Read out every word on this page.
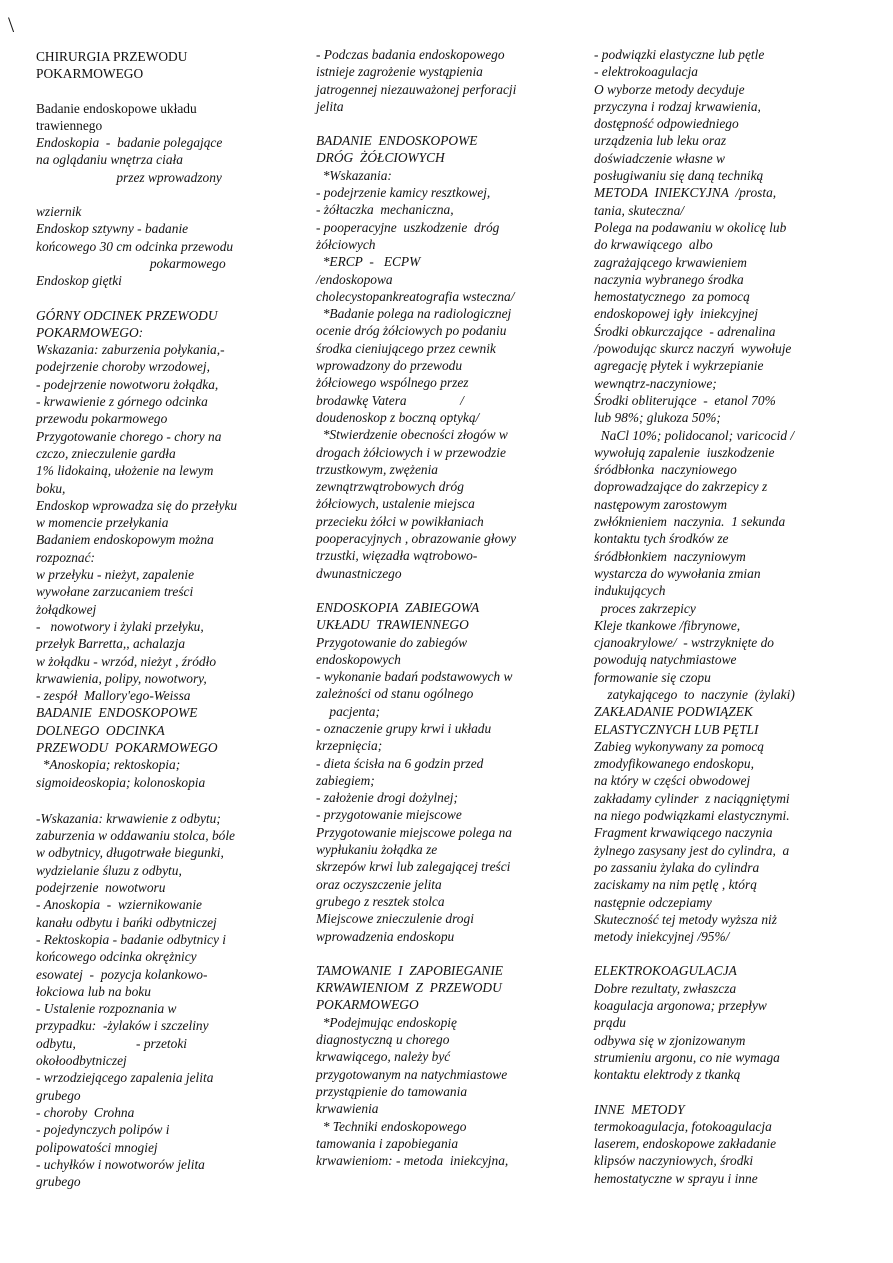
\
CHIRURGIA PRZEWODU
POKARMOWEGO
Badanie endoskopowe układu
trawiennego
Endoskopia  -  badanie polegające
na oglądaniu wnętrza ciała
przez wprowadzony
wziernik
Endoskop sztywny - badanie
końcowego 30 cm odcinka przewodu
pokarmowego
Endoskop giętki
GÓRNY ODCINEK PRZEWODU
POKARMOWEGO:
Wskazania: zaburzenia połykania,-
podejrzenie choroby wrzodowej,
- podejrzenie nowotworu żołądka,
- krwawienie z górnego odcinka
przewodu pokarmowego
Przygotowanie chorego - chory na
czczo, znieczulenie gardła
1% lidokainą, ułożenie na lewym
boku,
Endoskop wprowadza się do przełyku
w momencie przełykania
Badaniem endoskopowym można
rozpoznać:
w przełyku - nieżyt, zapalenie
wywołane zarzucaniem treści
żołądkowej
-   nowotwory i żylaki przełyku,
przełyk Barretta,, achalazja
w żołądku - wrzód, nieżyt , źródło
krwawienia, polipy, nowotwory,
- zespół  Mallory'ego-Weissa
BADANIE  ENDOSKOPOWE
DOLNEGO  ODCINKA
PRZEWODU  POKARMOWEGO
*Anoskopia; rektoskopia;
sigmoideoskopia; kolonoskopia
-Wskazania: krwawienie z odbytu;
zaburzenia w oddawaniu stolca, bóle
w odbytnicy, długotrwałe biegunki,
wydzielanie śluzu z odbytu,
podejrzenie  nowotworu
- Anoskopia  -  wziernikowanie
kanału odbytu i bańki odbytniczej
- Rektoskopia - badanie odbytnicy i
końcowego odcinka okrężnicy
esowatej  -  pozycja kolankowo-
łokciowa lub na boku
- Ustalenie rozpoznania w
przypadku:  -żylaków i szczeliny
odbytu,                  - przetoki
okołoodbytniczej
- wrzodziejącego zapalenia jelita
grubego
- choroby  Crohna
- pojedynczych polipów i
polipowatości mnogiej
- uchyłków i nowotworów jelita
grubego
- Podczas badania endoskopowego
istnieje zagrożenie wystąpienia
jatrogennej niezauważonej perforacji
jelita
BADANIE  ENDOSKOPOWE
DRÓG  ŻÓŁCIOWYCH
*Wskazania:
- podejrzenie kamicy resztkowej,
- żółtaczka  mechaniczna,
- pooperacyjne  uszkodzenie  dróg
żółciowych
*ERCP  -   ECPW
/endoskopowa
cholecystopankreatografia wsteczna/
*Badanie polega na radiologicznej
ocenie dróg żółciowych po podaniu
środka cieniującego przez cewnik
wprowadzony do przewodu
żółciowego wspólnego przez
brodawkę Vatera                /
doudenoskop z boczną optyką/
*Stwierdzenie obecności złogów w
drogach żółciowych i w przewodzie
trzustkowym, zwężenia
zewnątrzwątrobowych dróg
żółciowych, ustalenie miejsca
przecieku żółci w powikłaniach
pooperacyjnych , obrazowanie głowy
trzustki, więzadła wątrobowo-
dwunastniczego
ENDOSKOPIA  ZABIEGOWA
UKŁADU  TRAWIENNEGO
Przygotowanie do zabiegów
endoskopowych
- wykonanie badań podstawowych w
zależności od stanu ogólnego
pacjenta;
- oznaczenie grupy krwi i układu
krzepnięcia;
- dieta ścisła na 6 godzin przed
zabiegiem;
- założenie drogi dożylnej;
- przygotowanie miejscowe
Przygotowanie miejscowe polega na
wypłukaniu żołądka ze
skrzepów krwi lub zalegającej treści
oraz oczyszczenie jelita
grubego z resztek stolca
Miejscowe znieczulenie drogi
wprowadzenia endoskopu
TAMOWANIE  I  ZAPOBIEGANIE
KRWAWIENIOM  Z  PRZEWODU
POKARMOWEGO
*Podejmując endoskopię
diagnostyczną u chorego
krwawiącego, należy być
przygotowanym na natychmiastowe
przystąpienie do tamowania
krwawienia
* Techniki endoskopowego
tamowania i zapobiegania
krwawieniom: - metoda  iniekcyjna,
- podwiązki elastyczne lub pętle
- elektrokoagulacja
O wyborze metody decyduje
przyczyna i rodzaj krwawienia,
dostępność odpowiedniego
urządzenia lub leku oraz
doświadczenie własne w
posługiwaniu się daną techniką
METODA  INIEKCYJNA  /prosta,
tania, skuteczna/
Polega na podawaniu w okolicę lub
do krwawiącego  albo
zagrażającego krwawieniem
naczynia wybranego środka
hemostatycznego  za pomocą
endoskopowej igły  iniekcyjnej
Środki obkurczające  - adrenalina
/powodując skurcz naczyń  wywołuje
agregację płytek i wykrzepianie
wewnątrz-naczyniowe;
Środki obliterujące  -  etanol 70%
lub 98%; glukoza 50%;
NaCl 10%; polidocanol; varicocid /
wywołują zapalenie  iuszkodzenie
śródbłonka  naczyniowego
doprowadzające do zakrzepicy z
następowym zarostowym
zwłóknieniem  naczynia.  1 sekunda
kontaktu tych środków ze
śródbłonkiem  naczyniowym
wystarcza do wywołania zmian
indukujących
proces zakrzepicy
Kleje tkankowe /fibrynowe,
cjanoakrylowe/  - wstrzyknięte do
powodują natychmiastowe
formowanie się czopu
zatykającego  to  naczynie  (żylaki)
ZAKŁADANIE PODWIĄZEK
ELASTYCZNYCH LUB PĘTLI
Zabieg wykonywany za pomocą
zmodyfikowanego endoskopu,
na który w części obwodowej
zakładamy cylinder  z naciągniętymi
na niego podwiązkami elastycznymi.
Fragment krwawiącego naczynia
żylnego zasysany jest do cylindra,  a
po zassaniu żylaka do cylindra
zaciskamy na nim pętlę , którą
następnie odczepiamy
Skuteczność tej metody wyższa niż
metody iniekcyjnej /95%/
ELEKTROKOAGULACJA
Dobre rezultaty, zwłaszcza
koagulacja argonowa; przepływ
prądu
odbywa się w zjonizowanym
strumieniu argonu, co nie wymaga
kontaktu elektrody z tkanką
INNE  METODY
termokoagulacja, fotokoagulacja
laserem, endoskopowe zakładanie
klipsów naczyniowych, środki
hemostatyczne w sprayu i inne
